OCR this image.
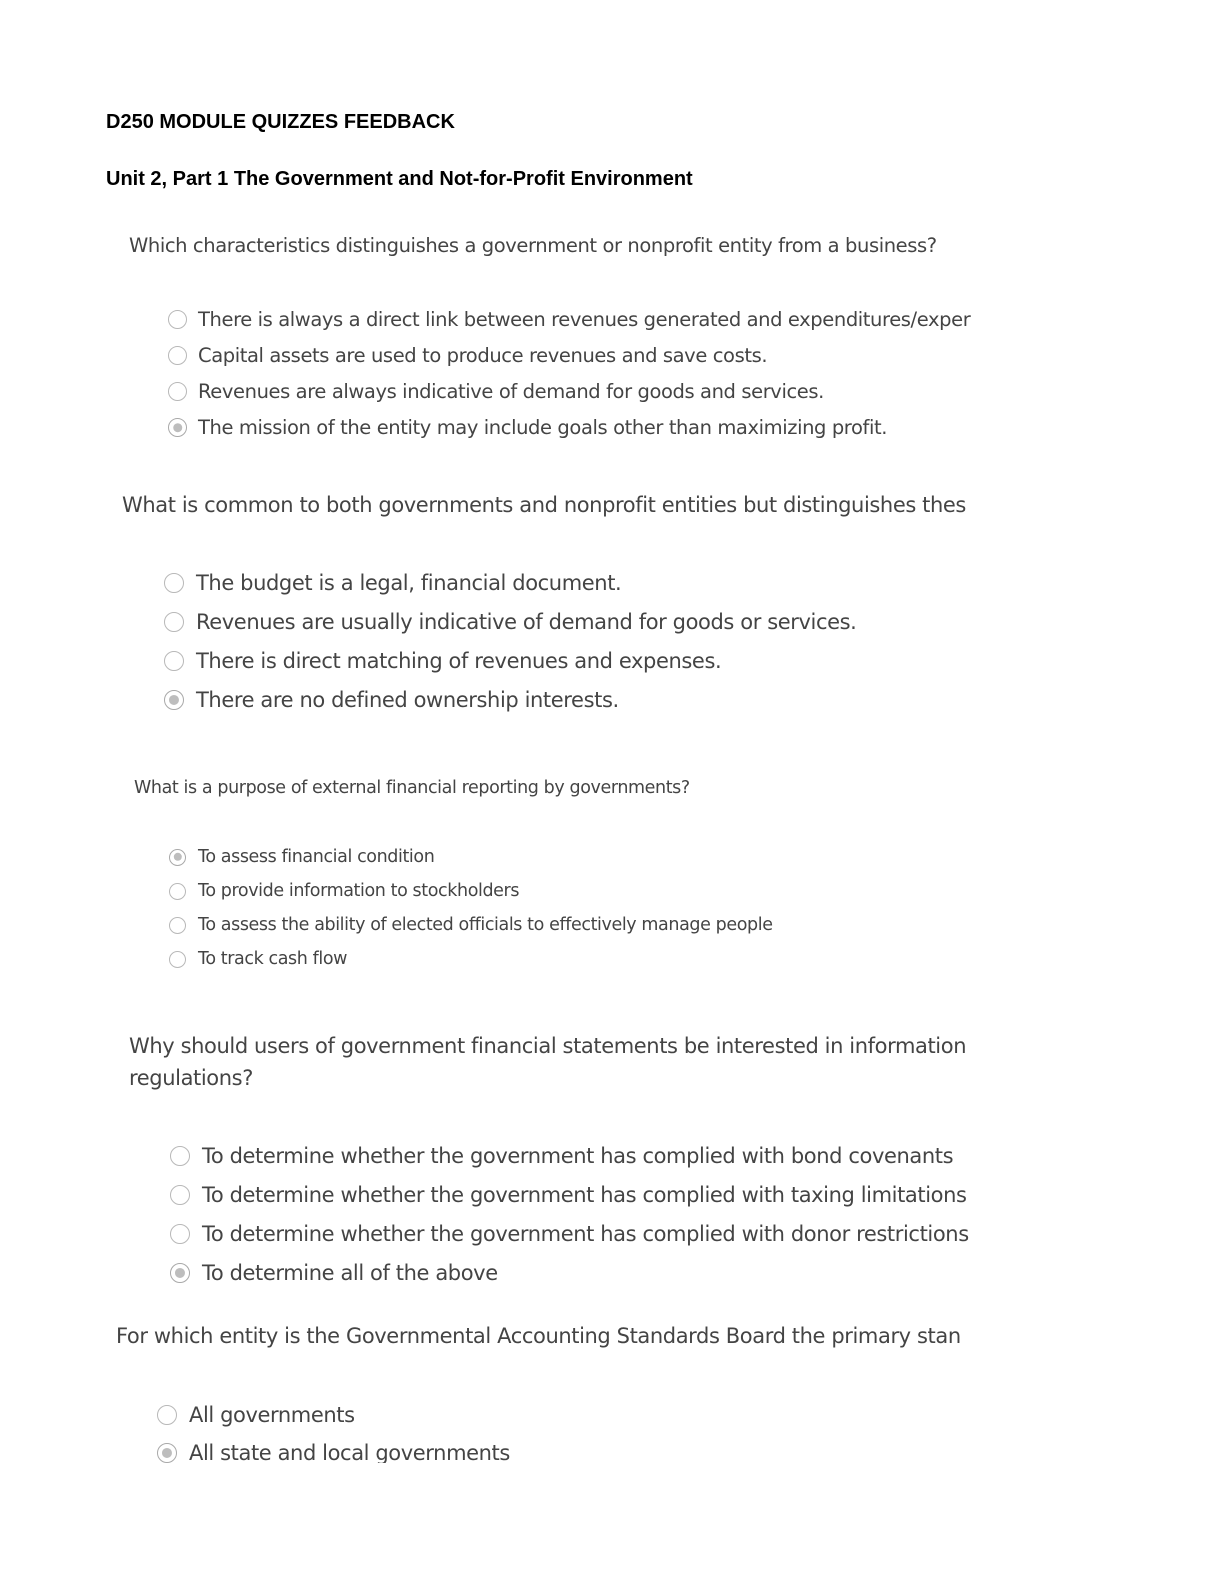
D250 MODULE QUIZZES FEEDBACK
Unit 2, Part 1 The Government and Not-for-Profit Environment
Which characteristics distinguishes a government or nonprofit entity from a business?
There is always a direct link between revenues generated and expenditures/exper
Capital assets are used to produce revenues and save costs.
Revenues are always indicative of demand for goods and services.
The mission of the entity may include goals other than maximizing profit.
What is common to both governments and nonprofit entities but distinguishes thes
The budget is a legal, financial document.
Revenues are usually indicative of demand for goods or services.
There is direct matching of revenues and expenses.
There are no defined ownership interests.
What is a purpose of external financial reporting by governments?
To assess financial condition
To provide information to stockholders
To assess the ability of elected officials to effectively manage people
To track cash flow
Why should users of government financial statements be interested in information
regulations?
To determine whether the government has complied with bond covenants
To determine whether the government has complied with taxing limitations
To determine whether the government has complied with donor restrictions
To determine all of the above
For which entity is the Governmental Accounting Standards Board the primary stan
All governments
All state and local governments
